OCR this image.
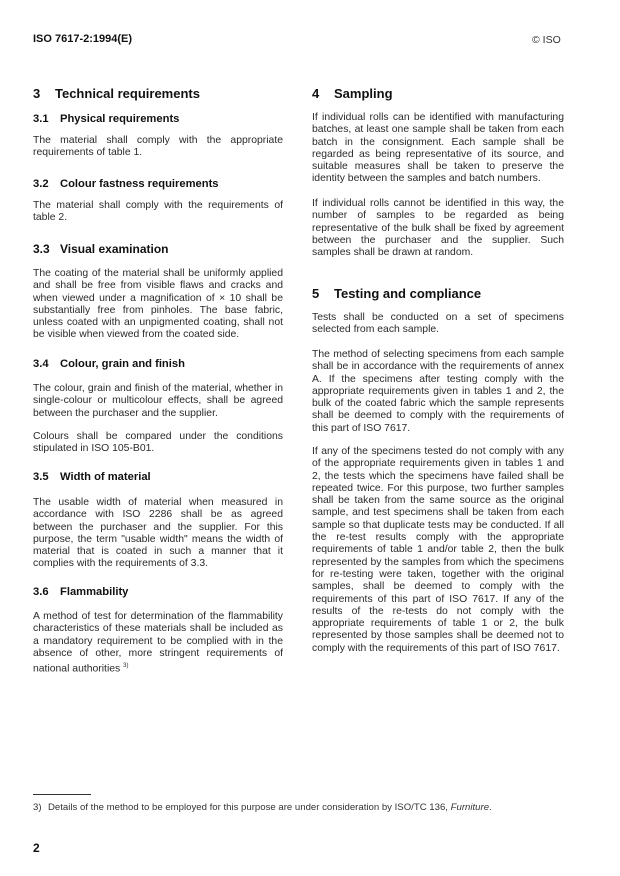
ISO 7617-2:1994(E)	© ISO
3 Technical requirements
3.1 Physical requirements
The material shall comply with the appropriate requirements of table 1.
3.2 Colour fastness requirements
The material shall comply with the requirements of table 2.
3.3 Visual examination
The coating of the material shall be uniformly applied and shall be free from visible flaws and cracks and when viewed under a magnification of × 10 shall be substantially free from pinholes. The base fabric, unless coated with an unpigmented coating, shall not be visible when viewed from the coated side.
3.4 Colour, grain and finish
The colour, grain and finish of the material, whether in single-colour or multicolour effects, shall be agreed between the purchaser and the supplier.
Colours shall be compared under the conditions stipulated in ISO 105-B01.
3.5 Width of material
The usable width of material when measured in accordance with ISO 2286 shall be as agreed between the purchaser and the supplier. For this purpose, the term "usable width" means the width of material that is coated in such a manner that it complies with the requirements of 3.3.
3.6 Flammability
A method of test for determination of the flammability characteristics of these materials shall be included as a mandatory requirement to be complied with in the absence of other, more stringent requirements of national authorities $^{3)}$
4 Sampling
If individual rolls can be identified with manufacturing batches, at least one sample shall be taken from each batch in the consignment. Each sample shall be regarded as being representative of its source, and suitable measures shall be taken to preserve the identity between the samples and batch numbers.
If individual rolls cannot be identified in this way, the number of samples to be regarded as being representative of the bulk shall be fixed by agreement between the purchaser and the supplier. Such samples shall be drawn at random.
5 Testing and compliance
Tests shall be conducted on a set of specimens selected from each sample.
The method of selecting specimens from each sample shall be in accordance with the requirements of annex A. If the specimens after testing comply with the appropriate requirements given in tables 1 and 2, the bulk of the coated fabric which the sample represents shall be deemed to comply with the requirements of this part of ISO 7617.
If any of the specimens tested do not comply with any of the appropriate requirements given in tables 1 and 2, the tests which the specimens have failed shall be repeated twice. For this purpose, two further samples shall be taken from the same source as the original sample, and test specimens shall be taken from each sample so that duplicate tests may be conducted. If all the re-test results comply with the appropriate requirements of table 1 and/or table 2, then the bulk represented by the samples from which the specimens for re-testing were taken, together with the original samples, shall be deemed to comply with the requirements of this part of ISO 7617. If any of the results of the re-tests do not comply with the appropriate requirements of table 1 or 2, the bulk represented by those samples shall be deemed not to comply with the requirements of this part of ISO 7617.
3) Details of the method to be employed for this purpose are under consideration by ISO/TC 136, Furniture.
2
